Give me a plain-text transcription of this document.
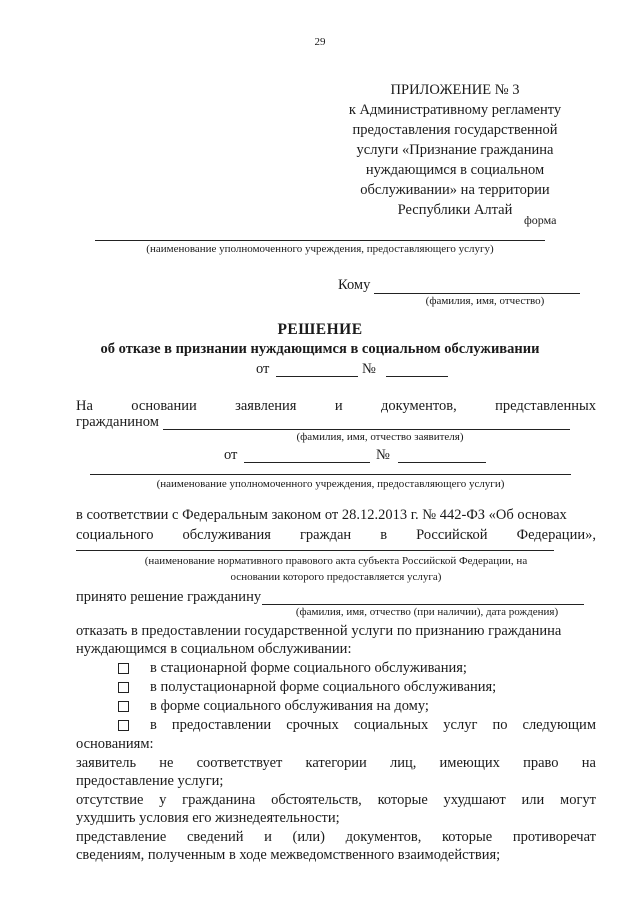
29
ПРИЛОЖЕНИЕ № 3
к Административному регламенту
предоставления государственной
услуги «Признание гражданина
нуждающимся в социальном
обслуживании» на территории
Республики Алтай
форма
(наименование уполномоченного учреждения, предоставляющего услугу)
Кому
(фамилия, имя, отчество)
РЕШЕНИЕ
об отказе в признании нуждающимся в социальном обслуживании
от	№
На	основании	заявления	и	документов,	представленных
гражданином
(фамилия, имя, отчество заявителя)
от	№
(наименование уполномоченного учреждения, предоставляющего услуги)
в соответствии с Федеральным законом от 28.12.2013 г. № 442-ФЗ «Об основах
социального обслуживания граждан в Российской Федерации»,
(наименование нормативного правового акта субъекта Российской Федерации, на
основании которого предоставляется услуга)
принято решение гражданину
(фамилия, имя, отчество (при наличии), дата рождения)
отказать в предоставлении государственной услуги по признанию гражданина
нуждающимся в социальном обслуживании:
в стационарной форме социального обслуживания;
в полустационарной форме социального обслуживания;
в форме социального обслуживания на дому;
в предоставлении срочных социальных услуг по следующим
основаниям:
заявитель не соответствует категории лиц, имеющих право на
предоставление услуги;
отсутствие у гражданина обстоятельств, которые ухудшают или могут
ухудшить условия его жизнедеятельности;
представление сведений и (или) документов, которые противоречат
сведениям, полученным в ходе межведомственного взаимодействия;
